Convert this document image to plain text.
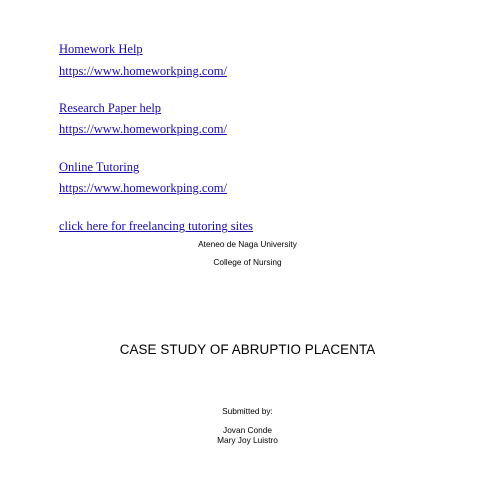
Homework Help
https://www.homeworkping.com/
Research Paper help
https://www.homeworkping.com/
Online Tutoring
https://www.homeworkping.com/
click here for freelancing tutoring sites
Ateneo de Naga University
College of Nursing
CASE STUDY OF ABRUPTIO PLACENTA
Submitted by:
Jovan Conde
Mary Joy Luistro
